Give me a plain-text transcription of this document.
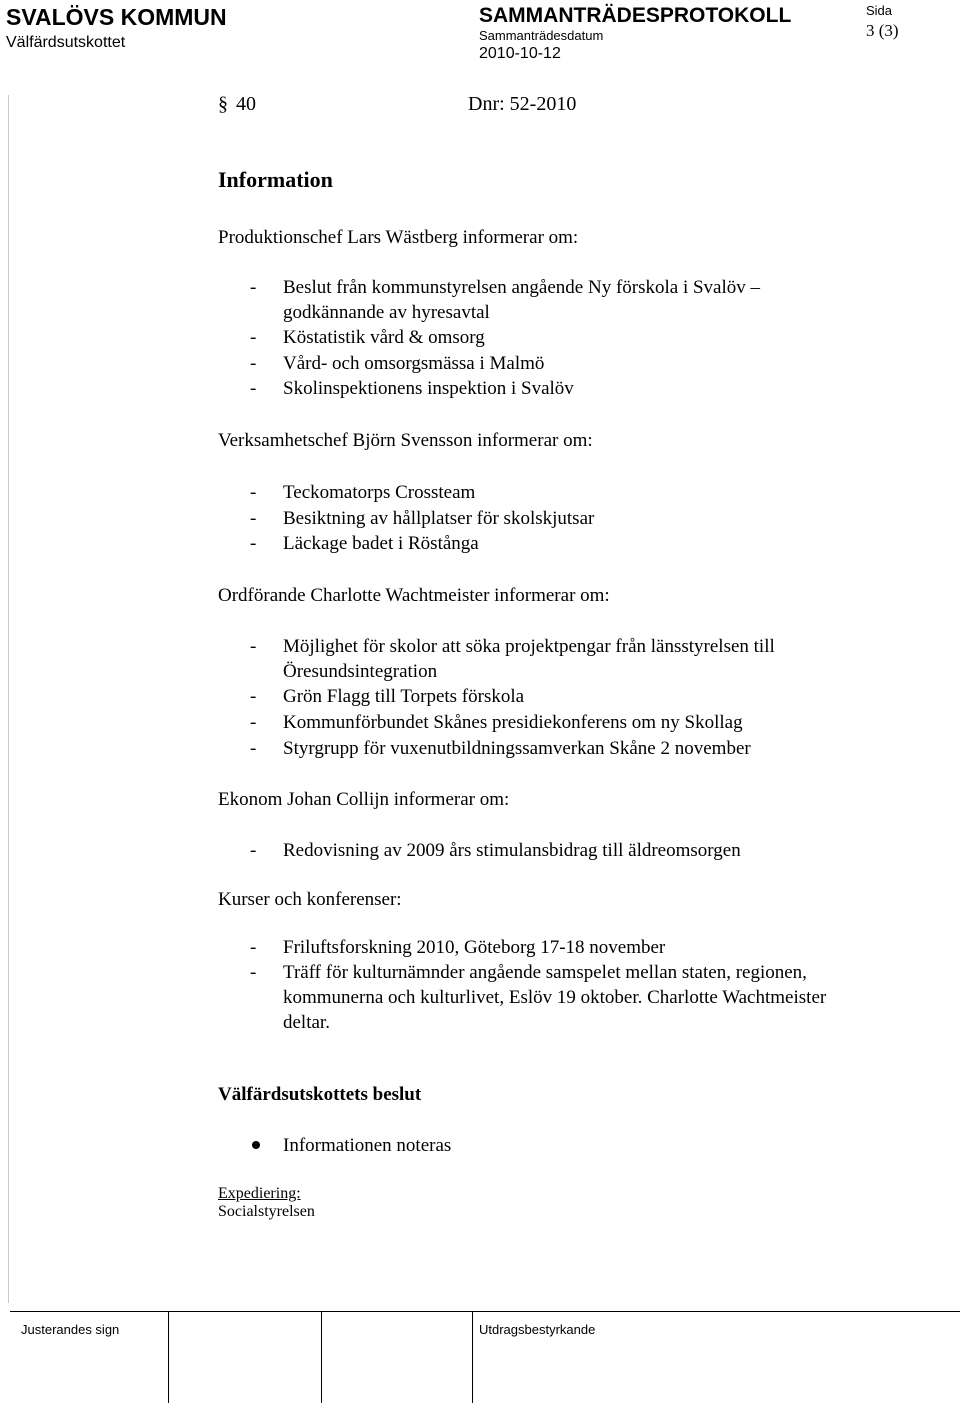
SVALÖVS KOMMUN
Välfärdsutskottet
SAMMANTRÄDESPROTOKOLL
Sammanträdesdatum
2010-10-12
Sida
3 (3)
§ 40	Dnr: 52-2010
Information
Produktionschef Lars Wästberg informerar om:
- Beslut från kommunstyrelsen angående Ny förskola i Svalöv –
godkännande av hyresavtal
- Köstatistik vård & omsorg
- Vård- och omsorgsmässa i Malmö
- Skolinspektionens inspektion i Svalöv
Verksamhetschef Björn Svensson informerar om:
- Teckomatorps Crossteam
- Besiktning av hållplatser för skolskjutsar
- Läckage badet i Röstånga
Ordförande Charlotte Wachtmeister informerar om:
- Möjlighet för skolor att söka projektpengar från länsstyrelsen till
Öresundsintegration
- Grön Flagg till Torpets förskola
- Kommunförbundet Skånes presidiekonferens om ny Skollag
- Styrgrupp för vuxenutbildningssamverkan Skåne 2 november
Ekonom Johan Collijn informerar om:
- Redovisning av 2009 års stimulansbidrag till äldreomsorgen
Kurser och konferenser:
- Friluftsforskning 2010, Göteborg 17-18 november
- Träff för kulturnämnder angående samspelet mellan staten, regionen,
kommunerna och kulturlivet, Eslöv 19 oktober. Charlotte Wachtmeister
deltar.
Välfärdsutskottets beslut
Informationen noteras
Expediering:
Socialstyrelsen
Justerandes sign	Utdragsbestyrkande
